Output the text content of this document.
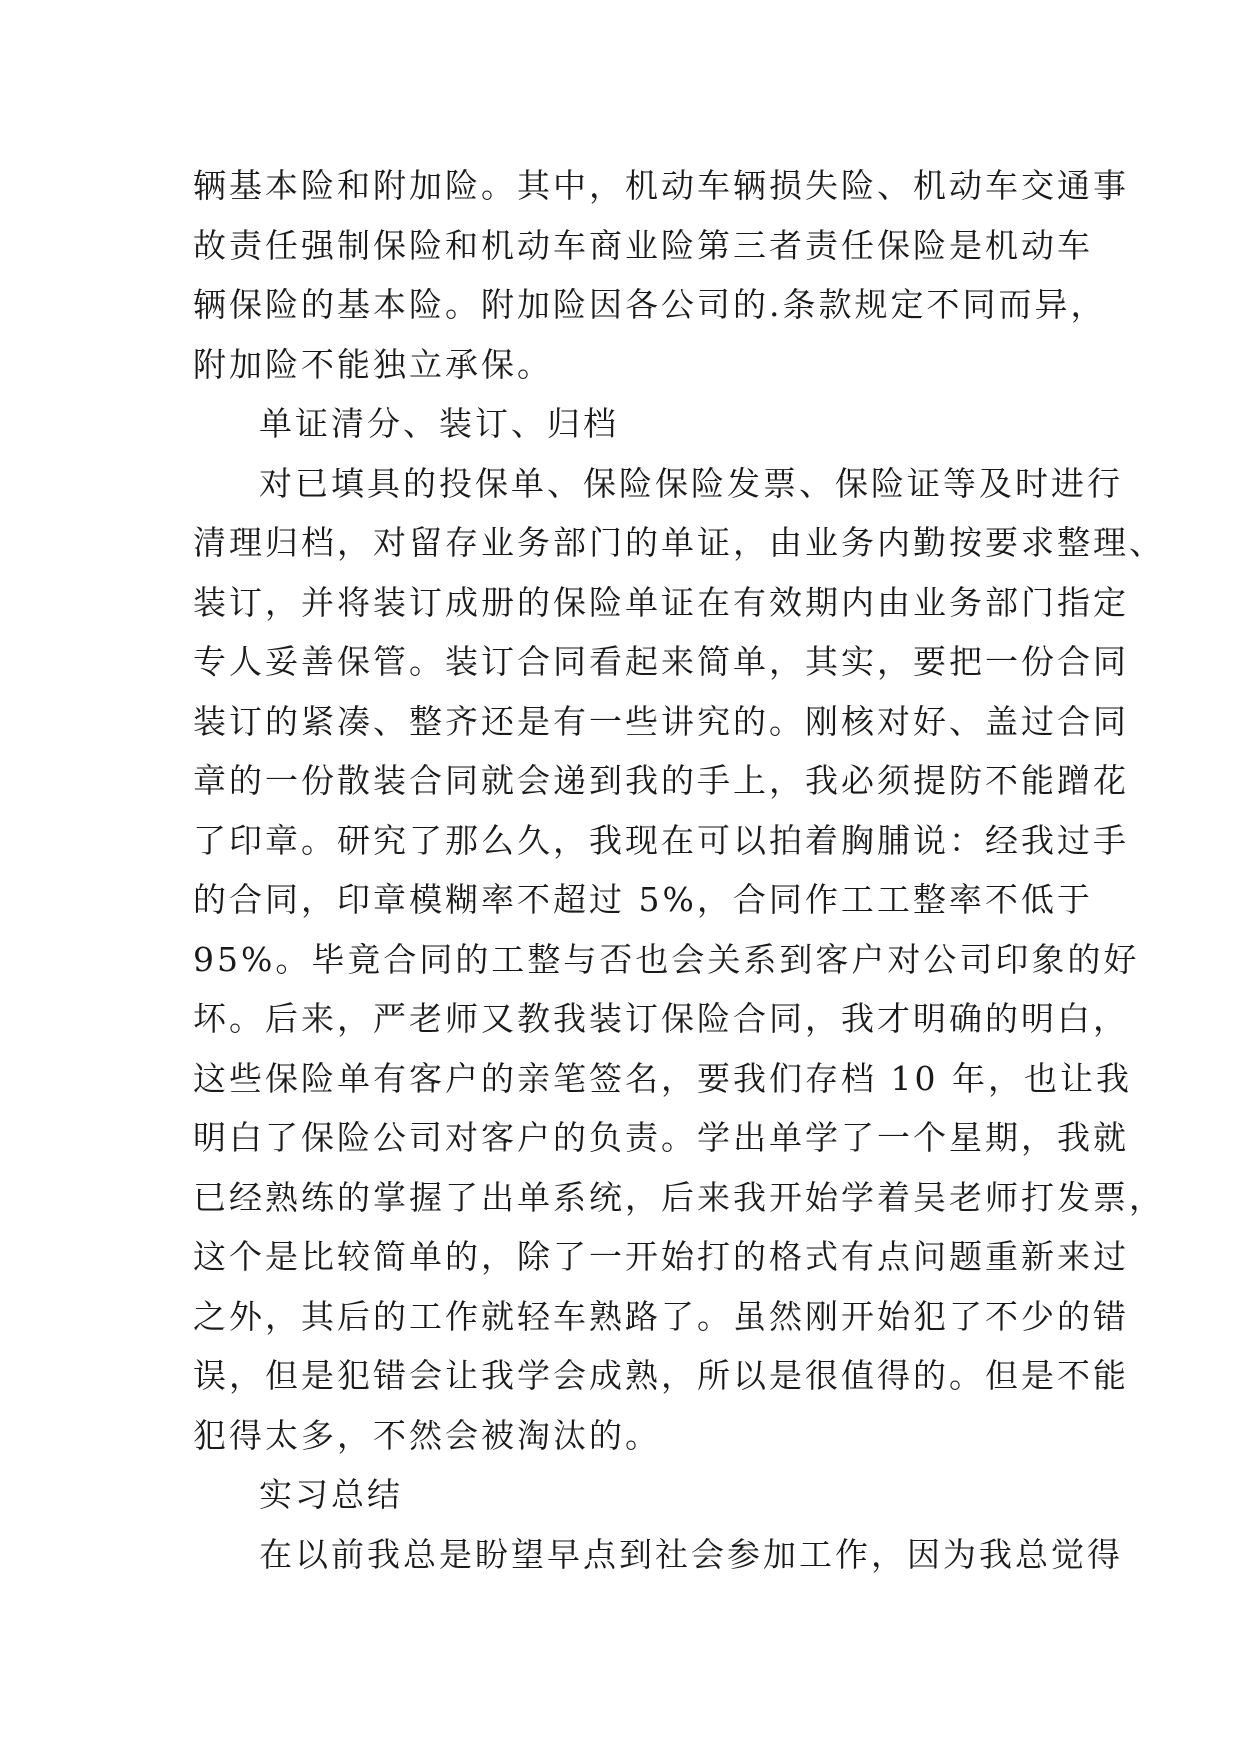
辆基本险和附加险。其中，机动车辆损失险、机动车交通事
故责任强制保险和机动车商业险第三者责任保险是机动车
辆保险的基本险。附加险因各公司的.条款规定不同而异，
附加险不能独立承保。
单证清分、装订、归档
对已填具的投保单、保险保险发票、保险证等及时进行
清理归档，对留存业务部门的单证，由业务内勤按要求整理、
装订，并将装订成册的保险单证在有效期内由业务部门指定
专人妥善保管。装订合同看起来简单，其实，要把一份合同
装订的紧凑、整齐还是有一些讲究的。刚核对好、盖过合同
章的一份散装合同就会递到我的手上，我必须提防不能蹭花
了印章。研究了那么久，我现在可以拍着胸脯说：经我过手
的合同，印章模糊率不超过 5%，合同作工工整率不低于
95%。毕竟合同的工整与否也会关系到客户对公司印象的好
坏。后来，严老师又教我装订保险合同，我才明确的明白，
这些保险单有客户的亲笔签名，要我们存档 10 年，也让我
明白了保险公司对客户的负责。学出单学了一个星期，我就
已经熟练的掌握了出单系统，后来我开始学着吴老师打发票，
这个是比较简单的，除了一开始打的格式有点问题重新来过
之外，其后的工作就轻车熟路了。虽然刚开始犯了不少的错
误，但是犯错会让我学会成熟，所以是很值得的。但是不能
犯得太多，不然会被淘汰的。
实习总结
在以前我总是盼望早点到社会参加工作，因为我总觉得
